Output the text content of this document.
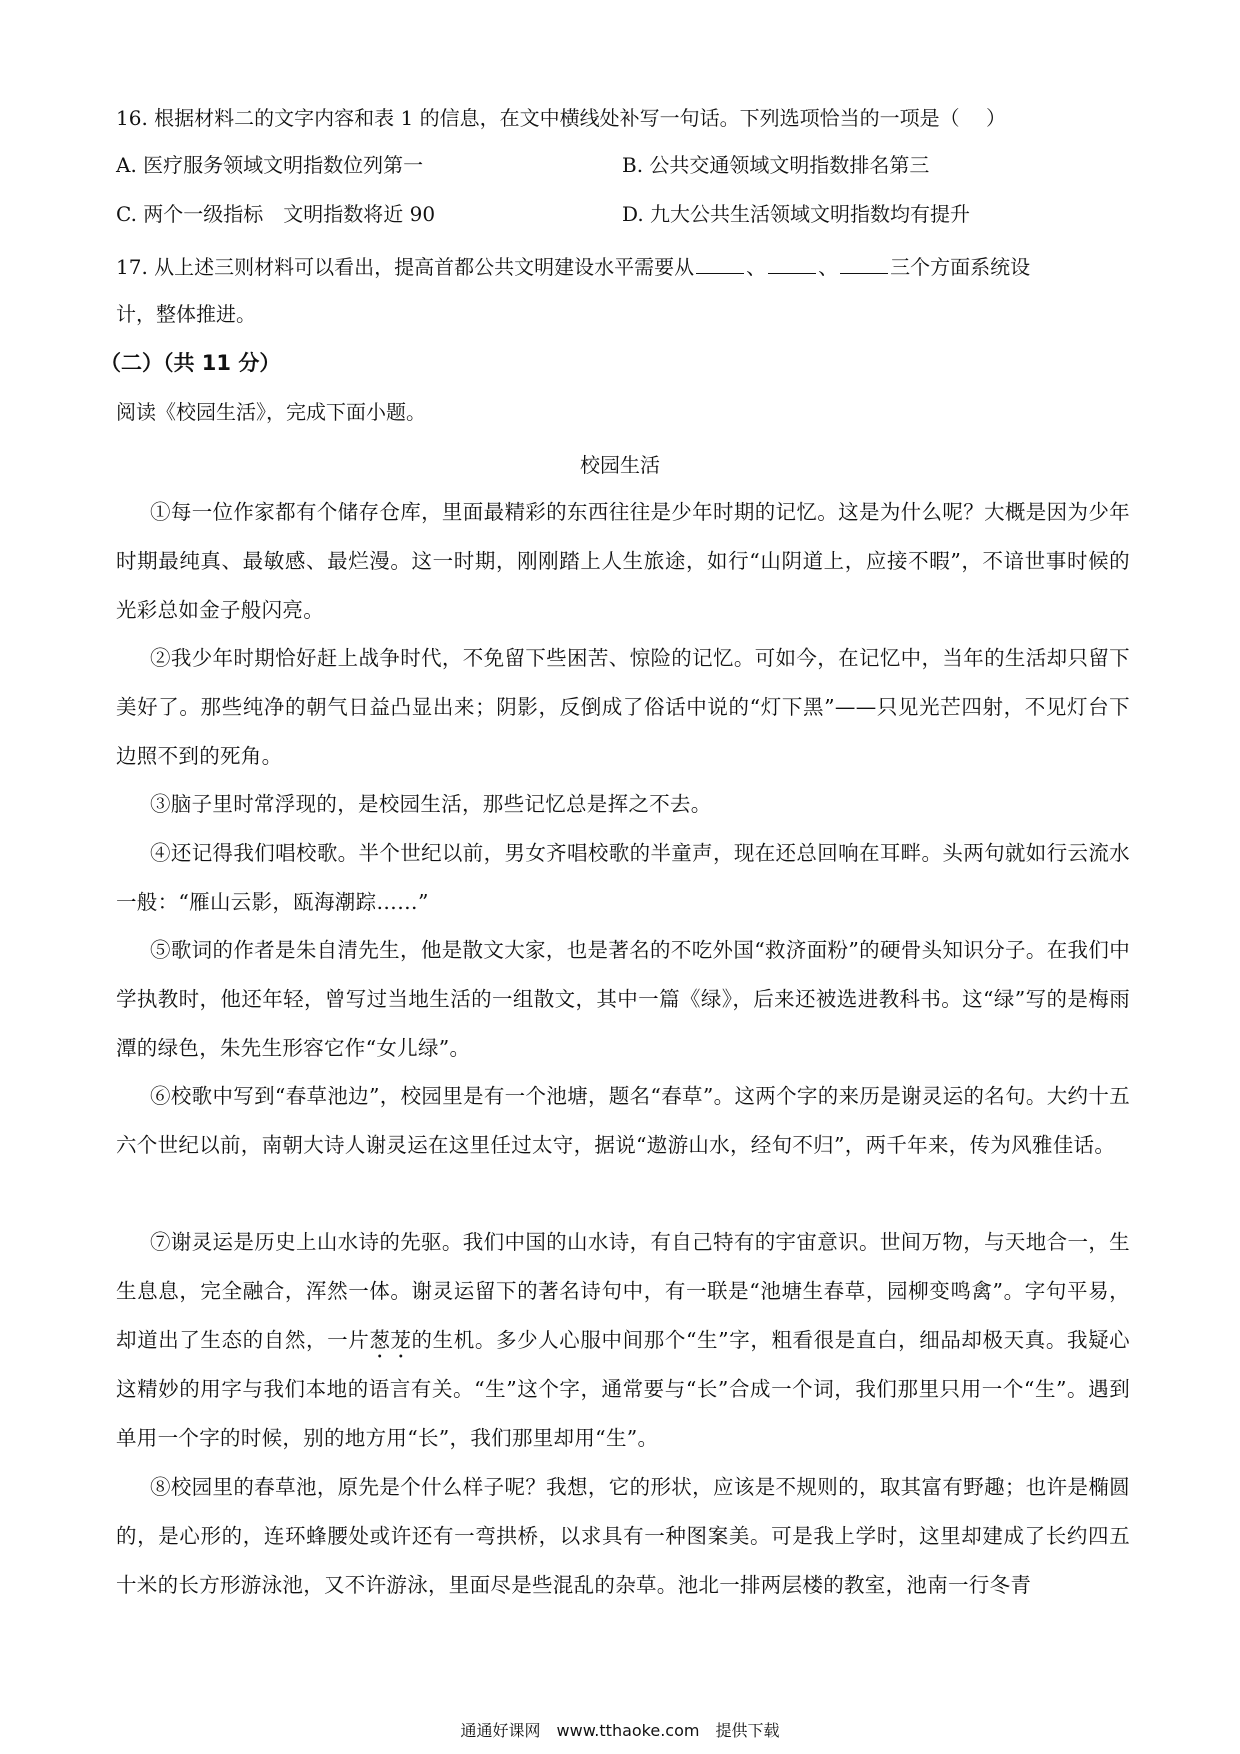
16. 根据材料二的文字内容和表 1 的信息，在文中横线处补写一句话。下列选项恰当的一项是（　 ）
A. 医疗服务领域文明指数位列第一	B. 公共交通领域文明指数排名第三
C. 两个一级指标　文明指数将近 90	D. 九大公共生活领域文明指数均有提升
17. 从上述三则材料可以看出，提高首都公共文明建设水平需要从	、	、	三个方面系统设
计，整体推进。
（二）（共 11 分）
阅读《校园生活》，完成下面小题。
校园生活
①每一位作家都有个储存仓库，里面最精彩的东西往往是少年时期的记忆。这是为什么呢？大概是因为少年时期最纯真、最敏感、最烂漫。这一时期，刚刚踏上人生旅途，如行“山阴道上，应接不暇”，不谙世事时候的光彩总如金子般闪亮。
②我少年时期恰好赶上战争时代，不免留下些困苦、惊险的记忆。可如今，在记忆中，当年的生活却只留下美好了。那些纯净的朝气日益凸显出来；阴影，反倒成了俗话中说的“灯下黑”——只见光芒四射，不见灯台下边照不到的死角。
③脑子里时常浮现的，是校园生活，那些记忆总是挥之不去。
④还记得我们唱校歌。半个世纪以前，男女齐唱校歌的半童声，现在还总回响在耳畔。头两句就如行云流水一般：“雁山云影，瓯海潮踪……”
⑤歌词的作者是朱自清先生，他是散文大家，也是著名的不吃外国“救济面粉”的硬骨头知识分子。在我们中学执教时，他还年轻，曾写过当地生活的一组散文，其中一篇《绿》，后来还被选进教科书。这“绿”写的是梅雨潭的绿色，朱先生形容它作“女儿绿”。
⑥校歌中写到“春草池边”，校园里是有一个池塘，题名“春草”。这两个字的来历是谢灵运的名句。大约十五六个世纪以前，南朝大诗人谢灵运在这里任过太守，据说“遨游山水，经旬不归”，两千年来，传为风雅佳话。
⑦谢灵运是历史上山水诗的先驱。我们中国的山水诗，有自己特有的宇宙意识。世间万物，与天地合一，生生息息，完全融合，浑然一体。谢灵运留下的著名诗句中，有一联是“池塘生春草，园柳变鸣禽”。字句平易，却道出了生态的自然，一片葱茏的生机。多少人心服中间那个“生”字，粗看很是直白，细品却极天真。我疑心这精妙的用字与我们本地的语言有关。“生”这个字，通常要与“长”合成一个词，我们那里只用一个“生”。遇到单用一个字的时候，别的地方用“长”，我们那里却用“生”。
⑧校园里的春草池，原先是个什么样子呢？我想，它的形状，应该是不规则的，取其富有野趣；也许是椭圆的，是心形的，连环蜂腰处或许还有一弯拱桥，以求具有一种图案美。可是我上学时，这里却建成了长约四五十米的长方形游泳池，又不许游泳，里面尽是些混乱的杂草。池北一排两层楼的教室，池南一行冬青
通通好课网　www.tthaoke.com　提供下载
